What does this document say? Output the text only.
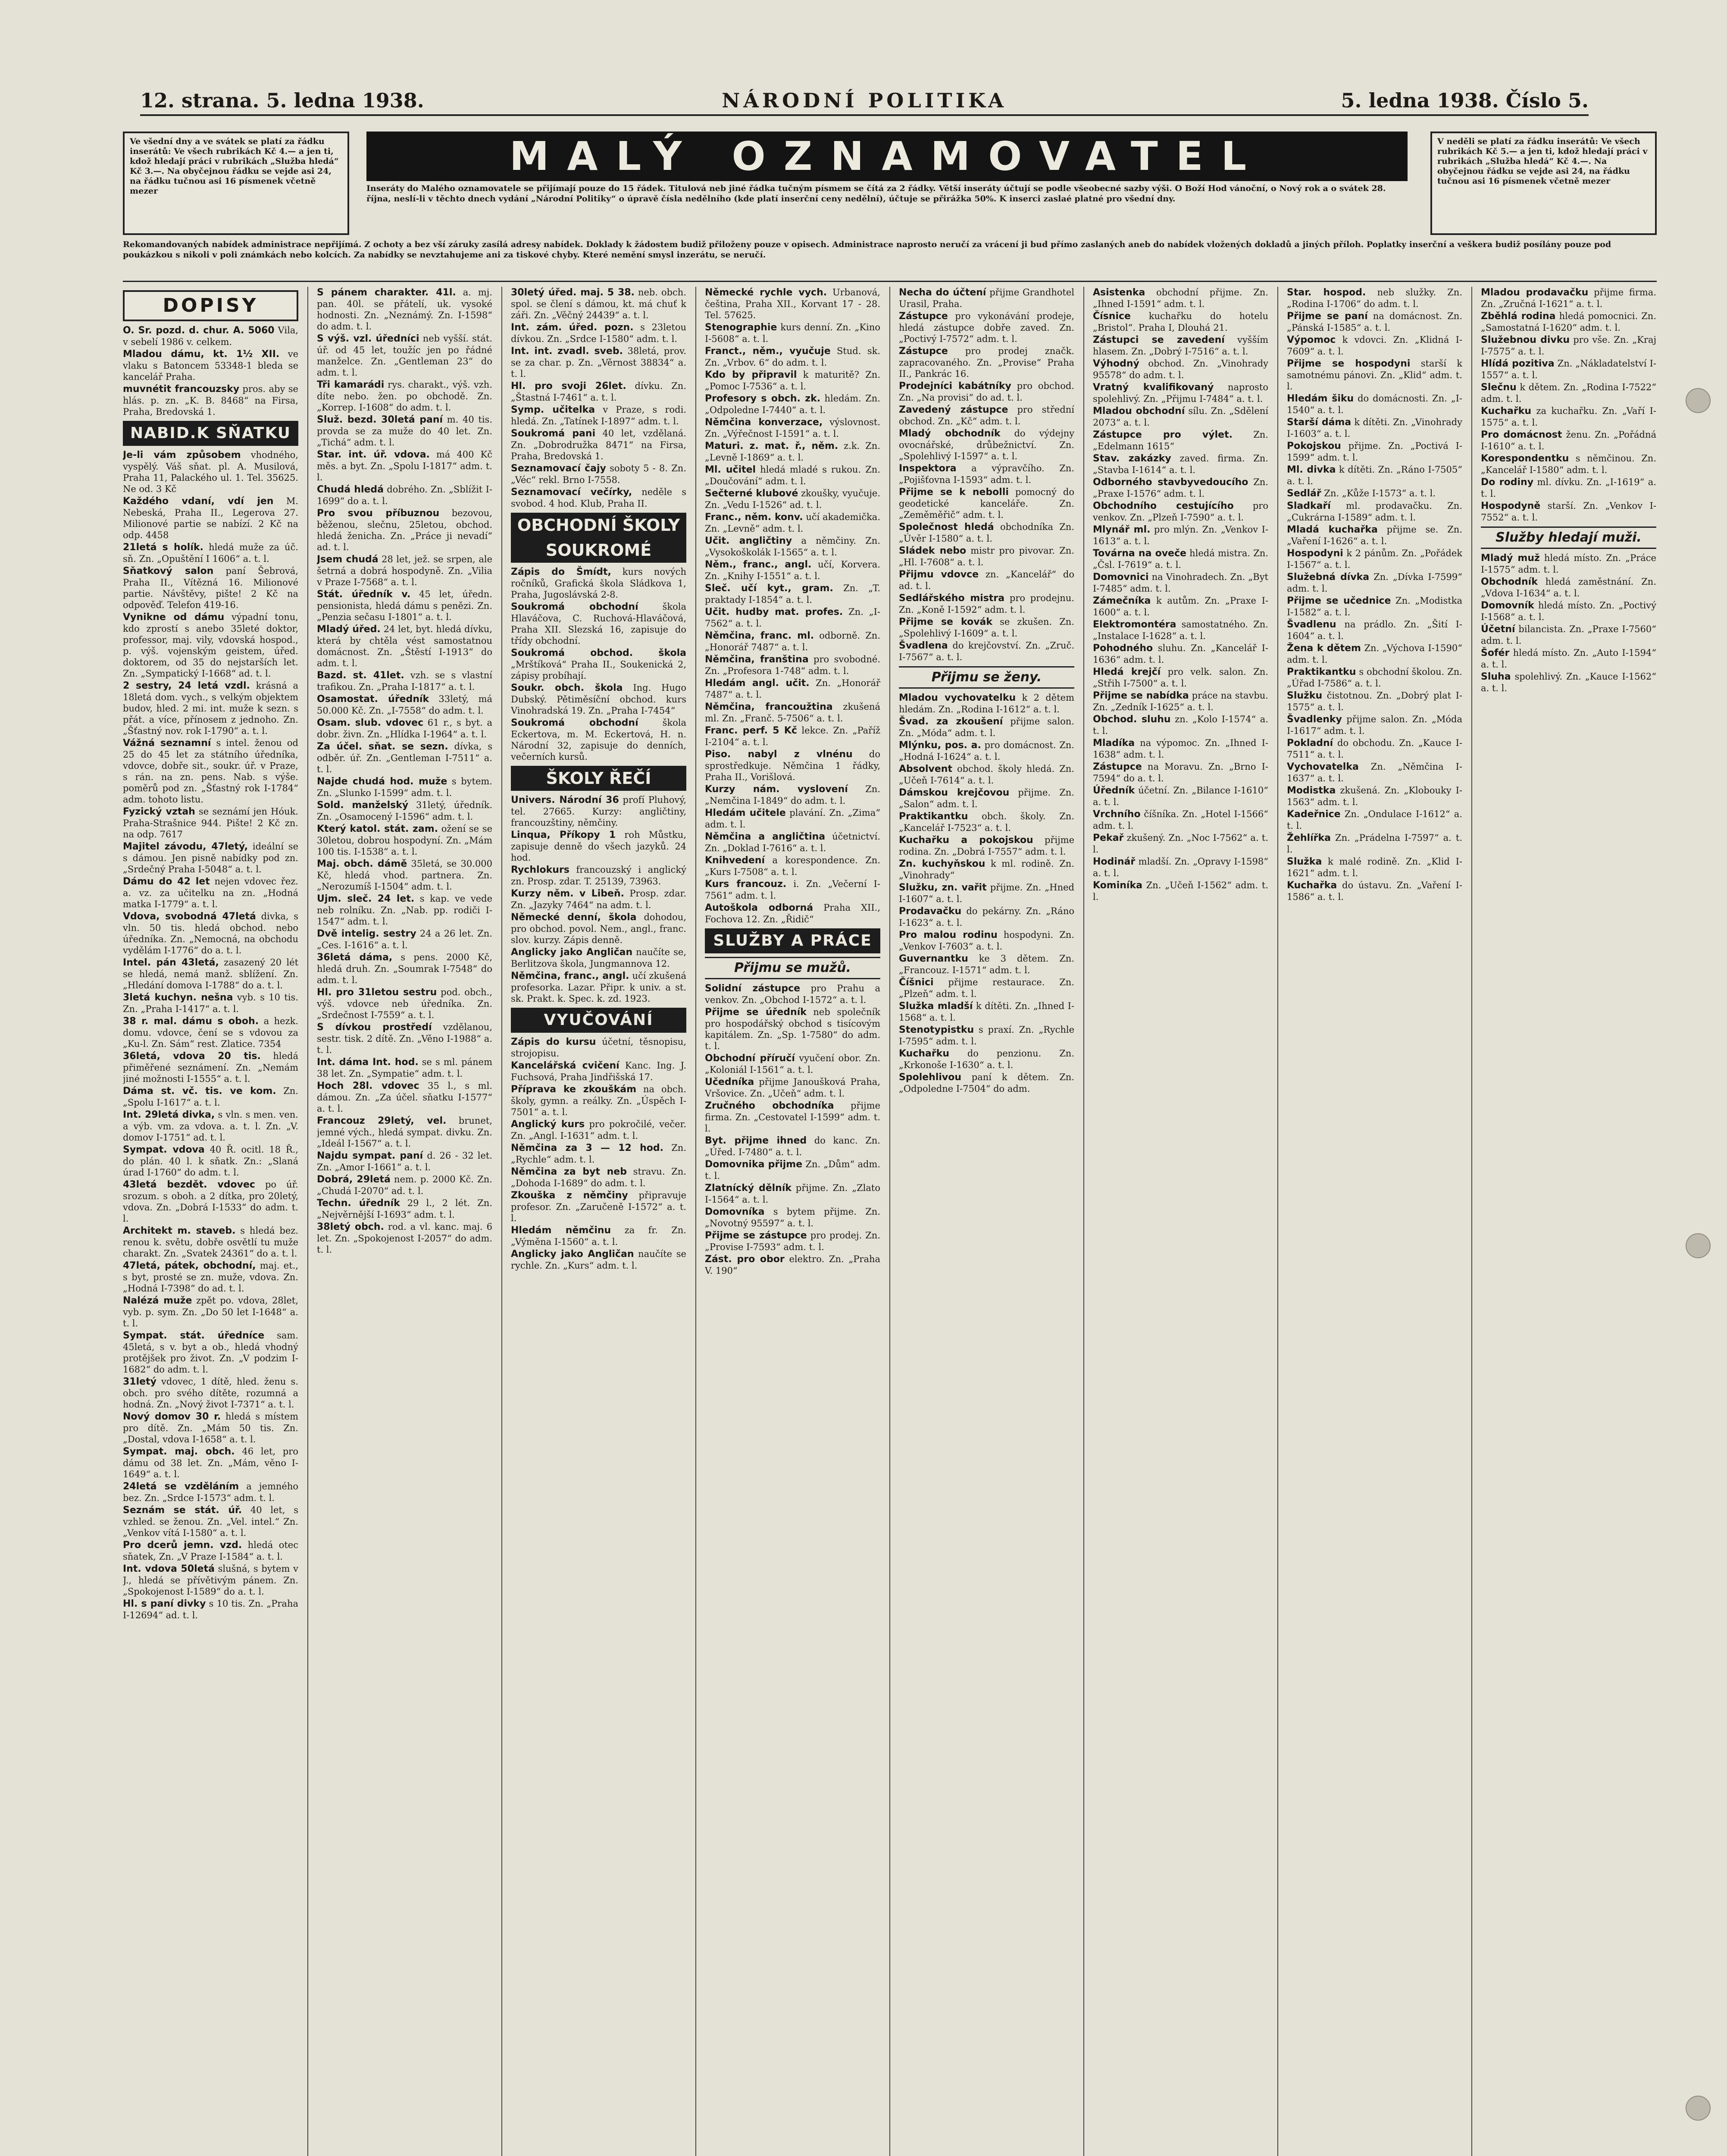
12. strana. 5. ledna 1938.	NÁRODNÍ POLITIKA	5. ledna 1938. Číslo 5.
Ve všední dny a ve svátek se platí za řádku inserátů: Ve všech rubrikách Kč 4.— a jen ti, kdož hledají práci v rubrikách „Služba hledá“ Kč 3.—. Na obyčejnou řádku se vejde asi 24, na řádku tučnou asi 16 písmenek včetně mezer
MALÝ OZNAMOVATEL
Inseráty do Malého oznamovatele se přijímají pouze do 15 řádek. Titulová neb jiné řádka tučným písmem se čítá za 2 řádky. Větší inseráty účtují se podle všeobecné sazby výši. O Boží Hod vánoční, o Nový rok a o svátek 28. října, neslí-li v těchto dnech vydání „Národní Politiky“ o úpravě čísla nedělního (kde platí inserční ceny nedělní), účtuje se přirážka 50%. K inserci zaslaé platné pro všední dny.
V neděli se platí za řádku inserátů: Ve všech rubrikách Kč 5.— a jen ti, kdož hledají práci v rubrikách „Služba hledá“ Kč 4.—. Na obyčejnou řádku se vejde asi 24, na řádku tučnou asi 16 písmenek včetně mezer
Rekomandovaných nabídek administrace nepřijímá. Z ochoty a bez vší záruky zasílá adresy nabídek. Doklady k žádostem budiž přiloženy pouze v opisech. Administrace naprosto neručí za vrácení ji bud přímo zaslaných aneb do nabídek vložených dokladů a jiných příloh. Poplatky inserční a veškera budiž posílány pouze pod poukázkou s nikoli v poli známkách nebo kolcích. Za nabídky se nevztahujeme ani za tiskové chyby. Které nemění smysl inzerátu, se neručí.
DOPISY

O. Sr. pozd. d. chur. A. 5060 Vila, v sebelí 1986 v. celkem.

Mladou dámu, kt. 1½ XII. ve vlaku s Batoncem 53348-1 bleda se kancelář Praha.

muvnétit francouzsky pros. aby se hlás. p. zn. „K. B. 8468“ na Firsa, Praha, Bredovská 1.

NABID.K SŇATKU

Je-li vám způsobem vhodného, vyspělý. Váš sňat. pl. A. Musilová, Praha 11, Palackého ul. 1. Tel. 35625. Ne od. 3 Kč

Každého vdaní, vdí jen M. Nebeská, Praha II., Legerova 27. Milionové partie se nabízí. 2 Kč na odp. 4458

21letá s holík. hledá muže za úč. sň. Zn. „Opuštění I 1606“ a. t. l.

Sňatkový salon paní Šebrová, Praha II., Vítězná 16. Milionové partie. Návštěvy, pište! 2 Kč na odpověď. Telefon 419-16.

Vynikne od dámu výpadní tonu, kdo zprostí s anebo 35leté doktor, professor, maj. vily, vdovská hospod., p. výš. vojenským geistem, úřed. doktorem, od 35 do nejstarších let. Zn. „Sympatický I-1668“ ad. t. l.

2 sestry, 24 letá vzdl. krásná a 18letá dom. vych., s velkým objektem budov, hled. 2 mi. int. muže k sezn. s přát. a více, přínosem z jednoho. Zn. „Šťastný nov. rok I-1790“ a. t. l.

Vážná seznamní s intel. ženou od 25 do 45 let za státního úředníka, vdovce, dobře sit., soukr. úř. v Praze, s rán. na zn. pens. Nab. s výše. poměrů pod zn. „Šťastný rok I-1784“ adm. tohoto listu.

Fyzický vztah se seznámí jen Hóuk. Praha-Strašnice 944. Pište! 2 Kč zn. na odp. 7617

Majitel závodu, 47letý, ideální se s dámou. Jen pisně nabídky pod zn. „Srdečný Praha I-5048“ a. t. l.

Dámu do 42 let nejen vdovec řez. a. vz. za učitelku na zn. „Hodná matka I-1779“ a. t. l.

Vdova, svobodná 47letá divka, s vln. 50 tis. hledá obchod. nebo úředníka. Zn. „Nemocná, na obchodu vydělám I-1776“ do a. t. l.

Intel. pán 43letá, zasazený 20 lét se hledá, nemá manž. sblížení. Zn. „Hledání domova I-1788“ do a. t. l.

3letá kuchyn. nešna vyb. s 10 tis. Zn. „Praha I-1417“ a. t. l.

38 r. mal. dámu s oboh. a hezk. domu. vdovce, čení se s vdovou za „Ku-l. Zn. Sám“ rest. Zlatice. 7354

36letá, vdova 20 tis. hledá přiměřené seznámení. Zn. „Nemám jiné možnosti I-1555“ a. t. l.

Dáma st. vč. tis. ve kom. Zn. „Spolu I-1617“ a. t. l.

Int. 29letá divka, s vln. s men. ven. a výb. vm. za vdova. a. t. l. Zn. „V. domov I-1751“ ad. t. l.

Sympat. vdova 40 Ř. ocitl. 18 Ř., do plán. 40 l. k sňatk. Zn.: „Slaná úrad I-1760“ do adm. t. l.

43letá bezdět. vdovec po úř. srozum. s oboh. a 2 dítka, pro 20letý, vdova. Zn. „Dobrá I-1533“ do adm. t. l.

Architekt m. staveb. s hledá bez. renou k. světu, dobře osvětlí tu muže charakt. Zn. „Svatek 24361“ do a. t. l.

47letá, pátek, obchodní, maj. et., s byt, prosté se zn. muže, vdova. Zn. „Hodná I-7398“ do ad. t. l.

Nalézá muže zpět po. vdova, 28let, vyb. p. sym. Zn. „Do 50 let I-1648“ a. t. l.

Sympat. stát. úředníce sam. 45letá, s v. byt a ob., hledá vhodný protějšek pro život. Zn. „V podzim I-1682“ do adm. t. l.

31letý vdovec, 1 dítě, hled. ženu s. obch. pro svého dítěte, rozumná a hodná. Zn. „Nový život I-7371“ a. t. l.

Nový domov 30 r. hledá s místem pro dítě. Zn. „Mám 50 tis. Zn. „Dostal, vdova I-1658“ a. t. l.

Sympat. maj. obch. 46 let, pro dámu od 38 let. Zn. „Mám, věno I-1649“ a. t. l.

24letá se vzděláním a jemného bez. Zn. „Srdce I-1573“ adm. t. l.

Seznám se stát. úř. 40 let, s vzhled. se ženou. Zn. „Vel. intel.“ Zn. „Venkov vítá I-1580“ a. t. l.

Pro dcerů jemn. vzd. hledá otec sňatek, Zn. „V Praze I-1584“ a. t. l.

Int. vdova 50letá slušná, s bytem v J., hledá se přívětivým pánem. Zn. „Spokojenost I-1589“ do a. t. l.

Hl. s paní divky s 10 tis. Zn. „Praha I-12694“ ad. t. l.

S pánem charakter. 41l. a. mj. pan. 40l. se přátelí, uk. vysoké hodnosti. Zn. „Neznámý. Zn. I-1598“ do adm. t. l.

S výš. vzl. úředníci neb vyšší. stát. úř. od 45 let, toužíc jen po řádné manželce. Zn. „Gentleman 23“ do adm. t. l.

Tři kamarádi rys. charakt., výš. vzh. díte nebo. žen. po obchodě. Zn. „Korrep. I-1608“ do adm. t. l.

Služ. bezd. 30letá paní m. 40 tis. provda se za muže do 40 let. Zn. „Tichá“ adm. t. l.

Star. int. úř. vdova. má 400 Kč měs. a byt. Zn. „Spolu I-1817“ adm. t. l.

Chudá hledá dobrého. Zn. „Sblížit I-1699“ do a. t. l.

Pro svou příbuznou bezovou, běženou, slečnu, 25letou, obchod. hledá ženicha. Zn. „Práce ji nevadí“ ad. t. l.

Jsem chudá 28 let, jež. se srpen, ale šetrná a dobrá hospodyně. Zn. „Vilia v Praze I-7568“ a. t. l.

Stát. úředník v. 45 let, úředn. pensionista, hledá dámu s penězi. Zn. „Penzia sečasu I-1801“ a. t. l.

Mladý úřed. 24 let, byt. hledá dívku, která by chtěla vést samostatnou domácnost. Zn. „Štěstí I-1913“ do adm. t. l.

Bazd. st. 41let. vzh. se s vlastní trafikou. Zn. „Praha I-1817“ a. t. l.

Osamostat. úředník 33letý, má 50.000 Kč. Zn. „I-7558“ do adm. t. l.

Osam. slub. vdovec 61 r., s byt. a dobr. živn. Zn. „Hlídka I-1964“ a. t. l.

Za účel. sňat. se sezn. dívka, s odběr. úř. Zn. „Gentleman I-7511“ a. t. l.

Najde chudá hod. muže s bytem. Zn. „Slunko I-1599“ adm. t. l.

Sold. manželský 31letý, úředník. Zn. „Osamocený I-1596“ adm. t. l.

Který katol. stát. zam. ožení se se 30letou, dobrou hospodyní. Zn. „Mám 100 tis. I-1538“ a. t. l.

Maj. obch. dámě 35letá, se 30.000 Kč, hledá vhod. partnera. Zn. „Nerozumíš I-1504“ adm. t. l.

Ujm. sleč. 24 let. s kap. ve vede neb rolníku. Zn. „Nab. pp. rodiči I-1547“ adm. t. l.

Dvě intelig. sestry 24 a 26 let. Zn. „Ces. I-1616“ a. t. l.

36letá dáma, s pens. 2000 Kč, hledá druh. Zn. „Soumrak I-7548“ do adm. t. l.

Hl. pro 31letou sestru pod. obch., výš. vdovce neb úředníka. Zn. „Srdečnost I-7559“ a. t. l.

S dívkou prostředí vzdělanou, sestr. tisk. 2 dítě. Zn. „Věno I-1988“ a. t. l.

Int. dáma Int. hod. se s ml. pánem 38 let. Zn. „Sympatie“ adm. t. l.

Hoch 28l. vdovec 35 l., s ml. dámou. Zn. „Za účel. sňatku I-1577“ a. t. l.

Francouz 29letý, vel. brunet, jemné vých., hledá sympat. divku. Zn. „Ideál I-1567“ a. t. l.

Najdu sympat. paní d. 26 - 32 let. Zn. „Amor I-1661“ a. t. l.

Dobrá, 29letá nem. p. 2000 Kč. Zn. „Chudá I-2070“ ad. t. l.

Techn. úředník 29 l., 2 lét. Zn. „Nejvěrnější I-1693“ adm. t. l.

38letý obch. rod. a vl. kanc. maj. 6 let. Zn. „Spokojenost I-2057“ do adm. t. l.

30letý úřed. maj. 5 38. neb. obch. spol. se člení s dámou, kt. má chuť k záři. Zn. „Věčný 24439“ a. t. l.

Int. zám. úřed. pozn. s 23letou dívkou. Zn. „Srdce I-1580“ adm. t. l.

Int. int. zvadl. sveb. 38letá, prov. se za char. p. Zn. „Věrnost 38834“ a. t. l.

Hl. pro svoji 26let. dívku. Zn. „Štastná I-7461“ a. t. l.

Symp. učitelka v Praze, s rodi. hledá. Zn. „Tatínek I-1897“ adm. t. l.

Soukromá pani 40 let, vzdělaná. Zn. „Dobrodružka 8471“ na Firsa, Praha, Bredovská 1.

Seznamovací čajy soboty 5 - 8. Zn. „Véc“ rekl. Brno I-7558.

Seznamovací večírky, neděle s svobod. 4 hod. Klub, Praha II.

OBCHODNÍ ŠKOLY SOUKROMÉ

Zápis do Šmídt, kurs nových ročníků, Grafická škola Sládkova 1, Praha, Jugoslávská 2-8.

Soukromá obchodní škola Hlaváčova, C. Ruchová-Hlaváčová, Praha XII. Slezská 16, zapisuje do třídy obchodní.

Soukromá obchod. škola „Mrštíková“ Praha II., Soukenická 2, zápisy probíhají.

Soukr. obch. škola Ing. Hugo Dubský. Pětiměsíční obchod. kurs Vinohradská 19. Zn. „Praha I-7454“

Soukromá obchodní škola Eckertova, m. M. Eckertová, H. n. Národní 32, zapisuje do denních, večerních kursů.

ŠKOLY ŘEČÍ

Univers. Národní 36 profí Pluhový, tel. 27665. Kurzy: angličtiny, francouzštiny, němčiny.

Linqua, Příkopy 1 roh Můstku, zapisuje denně do všech jazyků. 24 hod.

Rychlokurs francouzský i anglický zn. Prosp. zdar. T. 25139, 73963.

Kurzy něm. v Libeň. Prosp. zdar. Zn. „Jazyky 7464“ na adm. t. l.

Německé denní, škola dohodou, pro obchod. povol. Nem., angl., franc. slov. kurzy. Zápis denně.

Anglicky jako Angličan naučíte se, Berlitzova škola, Jungmannova 12.

Němčina, franc., angl. učí zkušená profesorka. Lazar. Připr. k univ. a st. sk. Prakt. k. Spec. k. zd. 1923.

VYUČOVÁNÍ

Zápis do kursu účetní, těsnopisu, strojopisu.

Kancelářská cvičení Kanc. Ing. J. Fuchsová, Praha Jindřišská 17.

Příprava ke zkouškám na obch. školy, gymn. a reálky. Zn. „Úspěch I-7501“ a. t. l.

Anglický kurs pro pokročilé, večer. Zn. „Angl. I-1631“ adm. t. l.

Němčina za 3 — 12 hod. Zn. „Rychle“ adm. t. l.

Němčina za byt neb stravu. Zn. „Dohoda I-1689“ do adm. t. l.

Zkouška z němčiny připravuje profesor. Zn. „Zaručeně I-1572“ a. t. l.

Hledám němčinu za fr. Zn. „Výměna I-1560“ a. t. l.

Anglicky jako Angličan naučíte se rychle. Zn. „Kurs“ adm. t. l.

Německé rychle vych. Urbanová, čeština, Praha XII., Korvant 17 - 28. Tel. 57625.

Stenographie kurs denní. Zn. „Kino I-5608“ a. t. l.

Franct., něm., vyučuje Stud. sk. Zn. „Vrbov. 6“ do adm. t. l.

Kdo by připravil k maturitě? Zn. „Pomoc I-7536“ a. t. l.

Profesory s obch. zk. hledám. Zn. „Odpoledne I-7440“ a. t. l.

Němčina konverzace, výslovnost. Zn. „Výřečnost I-1591“ a. t. l.

Maturi. z. mat. ř., něm. z.k. Zn. „Levně I-1869“ a. t. l.

Ml. učitel hledá mladé s rukou. Zn. „Doučování“ adm. t. l.

Sečterné klubové zkoušky, vyučuje. Zn. „Vedu I-1526“ ad. t. l.

Franc., něm. konv. učí akademička. Zn. „Levně“ adm. t. l.

Učit. angličtiny a němčiny. Zn. „Vysokoškolák I-1565“ a. t. l.

Něm., franc., angl. učí, Korvera. Zn. „Knihy I-1551“ a. t. l.

Sleč. učí kyt., gram. Zn. „T. praktady I-1854“ a. t. l.

Učit. hudby mat. profes. Zn. „I-7562“ a. t. l.

Němčina, franc. ml. odborně. Zn. „Honorář 7487“ a. t. l.

Němčina, franština pro svobodné. Zn. „Profesora 1-748“ adm. t. l.

Hledám angl. učit. Zn. „Honorář 7487“ a. t. l.

Němčina, francoužtina zkušená ml. Zn. „Franč. 5-7506“ a. t. l.

Franc. perf. 5 Kč lekce. Zn. „Paříž I-2104“ a. t. l.

Piso. nabyl z vlnénu do sprostředkuje. Němčina 1 řádky, Praha II., Vorišlová.

Kurzy nám. vyslovení Zn. „Nemčina I-1849“ do adm. t. l.

Hledám učitele plavání. Zn. „Zima“ adm. t. l.

Němčina a angličtina účetnictví. Zn. „Doklad I-7616“ a. t. l.

Knihvedení a korespondence. Zn. „Kurs I-7508“ a. t. l.

Kurs francouz. i. Zn. „Večerní I-7561“ adm. t. l.

Autoškola odborná Praha XII., Fochova 12. Zn. „Řidič“

SLUŽBY A PRÁCE
Přijmu se mužů.

Solidní zástupce pro Prahu a venkov. Zn. „Obchod I-1572“ a. t. l.

Přijme se úředník neb společník pro hospodářský obchod s tisícovým kapitálem. Zn. „Sp. 1-7580“ do adm. t. l.

Obchodní příručí vyučení obor. Zn. „Koloniál I-1561“ a. t. l.

Učedníka přijme Janoušková Praha, Vršovice. Zn. „Učeň“ adm. t. l.

Zručného obchodníka přijme firma. Zn. „Cestovatel I-1599“ adm. t. l.

Byt. přijme ihned do kanc. Zn. „Úřed. I-7480“ a. t. l.

Domovnika přijme Zn. „Dům“ adm. t. l.

Zlatnícký dělník přijme. Zn. „Zlato I-1564“ a. t. l.

Domovníka s bytem přijme. Zn. „Novotný 95597“ a. t. l.

Přijme se zástupce pro prodej. Zn. „Provise I-7593“ adm. t. l.

Zást. pro obor elektro. Zn. „Praha V. 190“

Necha do účtení přijme Grandhotel Urasil, Praha.

Zástupce pro vykonávání prodeje, hledá zástupce dobře zaved. Zn. „Poctivý I-7572“ adm. t. l.

Zástupce pro prodej značk. zapracovaného. Zn. „Provise“ Praha II., Pankrác 16.

Prodejníci kabátníky pro obchod. Zn. „Na provisi“ do ad. t. l.

Zavedený zástupce pro střední obchod. Zn. „Kč“ adm. t. l.

Mladý obchodník do výdejny ovocnářské, drůbežnictví. Zn. „Spolehlivý I-1597“ a. t. l.

Inspektora a výpravčího. Zn. „Pojišťovna I-1593“ adm. t. l.

Přijme se k nebolli pomocný do geodetické kanceláře. Zn. „Zeměměřič“ adm. t. l.

Společnost hledá obchodníka Zn. „Úvěr I-1580“ a. t. l.

Sládek nebo mistr pro pivovar. Zn. „Hl. I-7608“ a. t. l.

Přijmu vdovce zn. „Kancelář“ do ad. t. l.

Sedlářského mistra pro prodejnu. Zn. „Koně I-1592“ adm. t. l.

Přijme se kovák se zkušen. Zn. „Spolehlivý I-1609“ a. t. l.

Švadlena do krejčovství. Zn. „Zruč. I-7567“ a. t. l.

Přijmu se ženy.

Mladou vychovatelku k 2 dětem hledám. Zn. „Rodina I-1612“ a. t. l.

Švad. za zkoušení přijme salon. Zn. „Móda“ adm. t. l.

Mlýnku, pos. a. pro domácnost. Zn. „Hodná I-1624“ a. t. l.

Absolvent obchod. školy hledá. Zn. „Učeň I-7614“ a. t. l.

Dámskou krejčovou přijme. Zn. „Salon“ adm. t. l.

Praktikantku obch. školy. Zn. „Kancelář I-7523“ a. t. l.

Kuchařku a pokojskou přijme rodina. Zn. „Dobrá I-7557“ adm. t. l.

Zn. kuchyňskou k ml. rodině. Zn. „Vinohrady“

Služku, zn. vařit přijme. Zn. „Hned I-1607“ a. t. l.

Prodavačku do pekárny. Zn. „Ráno I-1623“ a. t. l.

Pro malou rodinu hospodyni. Zn. „Venkov I-7603“ a. t. l.

Guvernantku ke 3 dětem. Zn. „Francouz. I-1571“ adm. t. l.

Číšnici přijme restaurace. Zn. „Plzeň“ adm. t. l.

Služka mladší k dítěti. Zn. „Ihned I-1568“ a. t. l.

Stenotypistku s praxí. Zn. „Rychle I-7595“ adm. t. l.

Kuchařku do penzionu. Zn. „Krkonoše I-1630“ a. t. l.

Spolehlivou paní k dětem. Zn. „Odpoledne I-7504“ do adm.

Asistenka obchodní přijme. Zn. „Ihned I-1591“ adm. t. l.

Čísnice kuchařku do hotelu „Bristol“. Praha I, Dlouhá 21.

Zástupci se zavedení vyšším hlasem. Zn. „Dobrý I-7516“ a. t. l.

Výhodný obchod. Zn. „Vinohrady 95578“ do adm. t. l.

Vratný kvalifikovaný naprosto spolehlivý. Zn. „Přijmu I-7484“ a. t. l.

Mladou obchodní sílu. Zn. „Sdělení 2073“ a. t. l.

Zástupce pro výlet. Zn. „Edelmann 1615“

Stav. zakázky zaved. firma. Zn. „Stavba I-1614“ a. t. l.

Odborného stavbyvedoucího Zn. „Praxe I-1576“ adm. t. l.

Obchodního cestujícího pro venkov. Zn. „Plzeň I-7590“ a. t. l.

Mlynář ml. pro mlýn. Zn. „Venkov I-1613“ a. t. l.

Továrna na oveče hledá mistra. Zn. „Čsl. I-7619“ a. t. l.

Domovnici na Vinohradech. Zn. „Byt I-7485“ adm. t. l.

Zámečníka k autům. Zn. „Praxe I-1600“ a. t. l.

Elektromontéra samostatného. Zn. „Instalace I-1628“ a. t. l.

Pohodného sluhu. Zn. „Kancelář I-1636“ adm. t. l.

Hledá krejčí pro velk. salon. Zn. „Střih I-7500“ a. t. l.

Přijme se nabídka práce na stavbu. Zn. „Zedník I-1625“ a. t. l.

Obchod. sluhu zn. „Kolo I-1574“ a. t. l.

Mladíka na výpomoc. Zn. „Ihned I-1638“ adm. t. l.

Zástupce na Moravu. Zn. „Brno I-7594“ do a. t. l.

Úředník účetní. Zn. „Bilance I-1610“ a. t. l.

Vrchního číšníka. Zn. „Hotel I-1566“ adm. t. l.

Pekař zkušený. Zn. „Noc I-7562“ a. t. l.

Hodinář mladší. Zn. „Opravy I-1598“ a. t. l.

Kominíka Zn. „Učeň I-1562“ adm. t. l.

Star. hospod. neb služky. Zn. „Rodina I-1706“ do adm. t. l.

Přijme se paní na domácnost. Zn. „Pánská I-1585“ a. t. l.

Výpomoc k vdovci. Zn. „Klidná I-7609“ a. t. l.

Přijme se hospodyni starší k samotnému pánovi. Zn. „Klid“ adm. t. l.

Hledám šiku do domácnosti. Zn. „I-1540“ a. t. l.

Starší dáma k dítěti. Zn. „Vinohrady I-1603“ a. t. l.

Pokojskou přijme. Zn. „Poctivá I-1599“ adm. t. l.

Ml. divka k dítěti. Zn. „Ráno I-7505“ a. t. l.

Sedlář Zn. „Kůže I-1573“ a. t. l.

Sladkaří ml. prodavačku. Zn. „Cukrárna I-1589“ adm. t. l.

Mladá kuchařka přijme se. Zn. „Vaření I-1626“ a. t. l.

Hospodyni k 2 pánům. Zn. „Pořádek I-1567“ a. t. l.

Služebná dívka Zn. „Dívka I-7599“ adm. t. l.

Přijme se učednice Zn. „Modistka I-1582“ a. t. l.

Švadlenu na prádlo. Zn. „Šití I-1604“ a. t. l.

Žena k dětem Zn. „Výchova I-1590“ adm. t. l.

Praktikantku s obchodní školou. Zn. „Úřad I-7586“ a. t. l.

Služku čistotnou. Zn. „Dobrý plat I-1575“ a. t. l.

Švadlenky přijme salon. Zn. „Móda I-1617“ adm. t. l.

Pokladní do obchodu. Zn. „Kauce I-7511“ a. t. l.

Vychovatelka Zn. „Němčina I-1637“ a. t. l.

Modistka zkušená. Zn. „Klobouky I-1563“ adm. t. l.

Kadeřnice Zn. „Ondulace I-1612“ a. t. l.

Žehlířka Zn. „Prádelna I-7597“ a. t. l.

Služka k malé rodině. Zn. „Klid I-1621“ adm. t. l.

Kuchařka do ústavu. Zn. „Vaření I-1586“ a. t. l.

Mladou prodavačku přijme firma. Zn. „Zručná I-1621“ a. t. l.

Zběhlá rodina hledá pomocnici. Zn. „Samostatná I-1620“ adm. t. l.

Služebnou divku pro vše. Zn. „Kraj I-7575“ a. t. l.

Hlídá pozitiva Zn. „Nákladatelství I-1557“ a. t. l.

Slečnu k dětem. Zn. „Rodina I-7522“ adm. t. l.

Kuchařku za kuchařku. Zn. „Vaří I-1575“ a. t. l.

Pro domácnost ženu. Zn. „Pořádná I-1610“ a. t. l.

Korespondentku s němčinou. Zn. „Kancelář I-1580“ adm. t. l.

Do rodiny ml. dívku. Zn. „I-1619“ a. t. l.

Hospodyně starší. Zn. „Venkov I-7552“ a. t. l.

Služby hledají muži.

Mladý muž hledá místo. Zn. „Práce I-1575“ adm. t. l.

Obchodník hledá zaměstnání. Zn. „Vdova I-1634“ a. t. l.

Domovník hledá místo. Zn. „Poctivý I-1568“ a. t. l.

Účetní bilancista. Zn. „Praxe I-7560“ adm. t. l.

Šofér hledá místo. Zn. „Auto I-1594“ a. t. l.

Sluha spolehlivý. Zn. „Kauce I-1562“ a. t. l.
